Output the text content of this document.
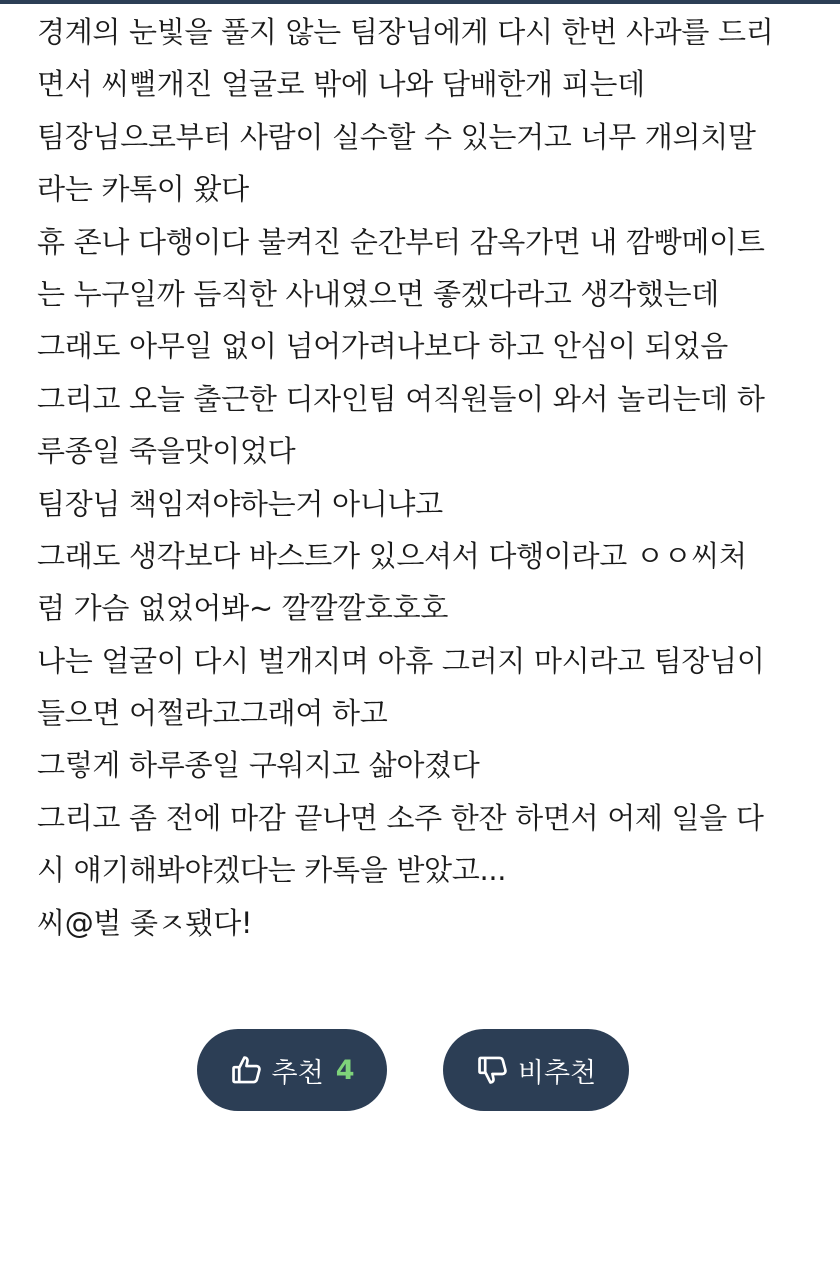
경계의 눈빛을 풀지 않는 팀장님에게 다시 한번 사과를 드리
면서 씨뻘개진 얼굴로 밖에 나와 담배한개 피는데
팀장님으로부터 사람이 실수할 수 있는거고 너무 개의치말
라는 카톡이 왔다
휴 존나 다행이다 불켜진 순간부터 감옥가면 내 깜빵메이트
는 누구일까 듬직한 사내였으면 좋겠다라고 생각했는데
그래도 아무일 없이 넘어가려나보다 하고 안심이 되었음
그리고 오늘 출근한 디자인팀 여직원들이 와서 놀리는데 하
루종일 죽을맛이었다
팀장님 책임져야하는거 아니냐고
그래도 생각보다 바스트가 있으셔서 다행이라고 ㅇㅇ씨처
럼 가슴 없었어봐~ 깔깔깔호호호
나는 얼굴이 다시 벌개지며 아휴 그러지 마시라고 팀장님이
들으면 어쩔라고그래여 하고
그렇게 하루종일 구워지고 삶아졌다
그리고 좀 전에 마감 끝나면 소주 한잔 하면서 어제 일을 다
시 얘기해봐야겠다는 카톡을 받았고...
씨@벌 좆ㅈ됐다!
추천 4	비추천
